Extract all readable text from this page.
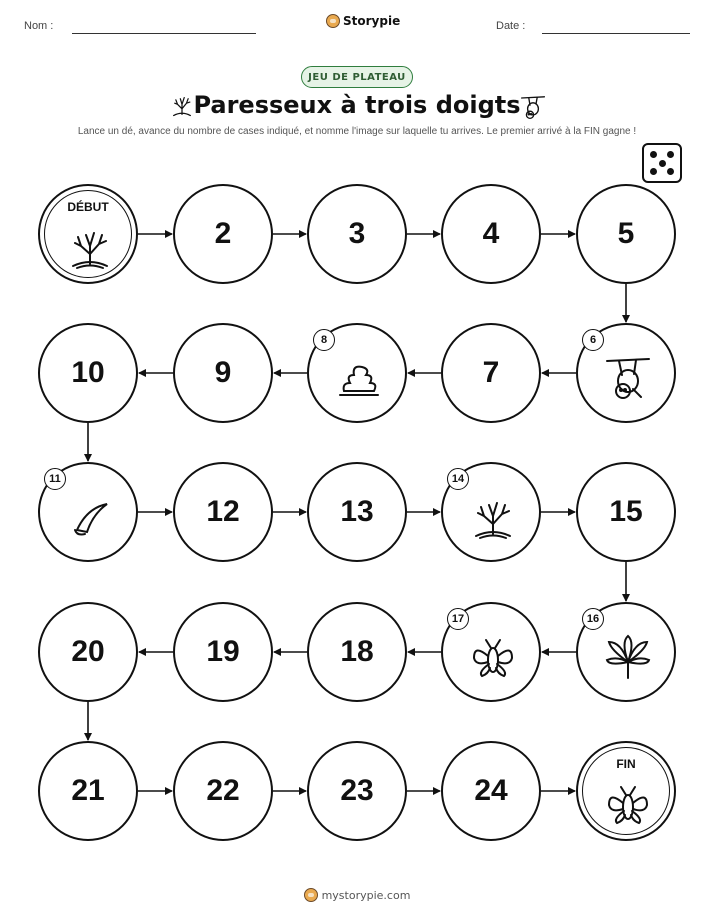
Nom :	Storypie	Date :
JEU DE PLATEAU
Paresseux à trois doigts
Lance un dé, avance du nombre de cases indiqué, et nomme l'image sur laquelle tu arrives. Le premier arrivé à la FIN gagne !
DÉBUT
2	3	4	5
6
7
8
9
10
11
12	13
14
15
16
17
18
19
20
21	22	23	24
FIN
mystorypie.com
